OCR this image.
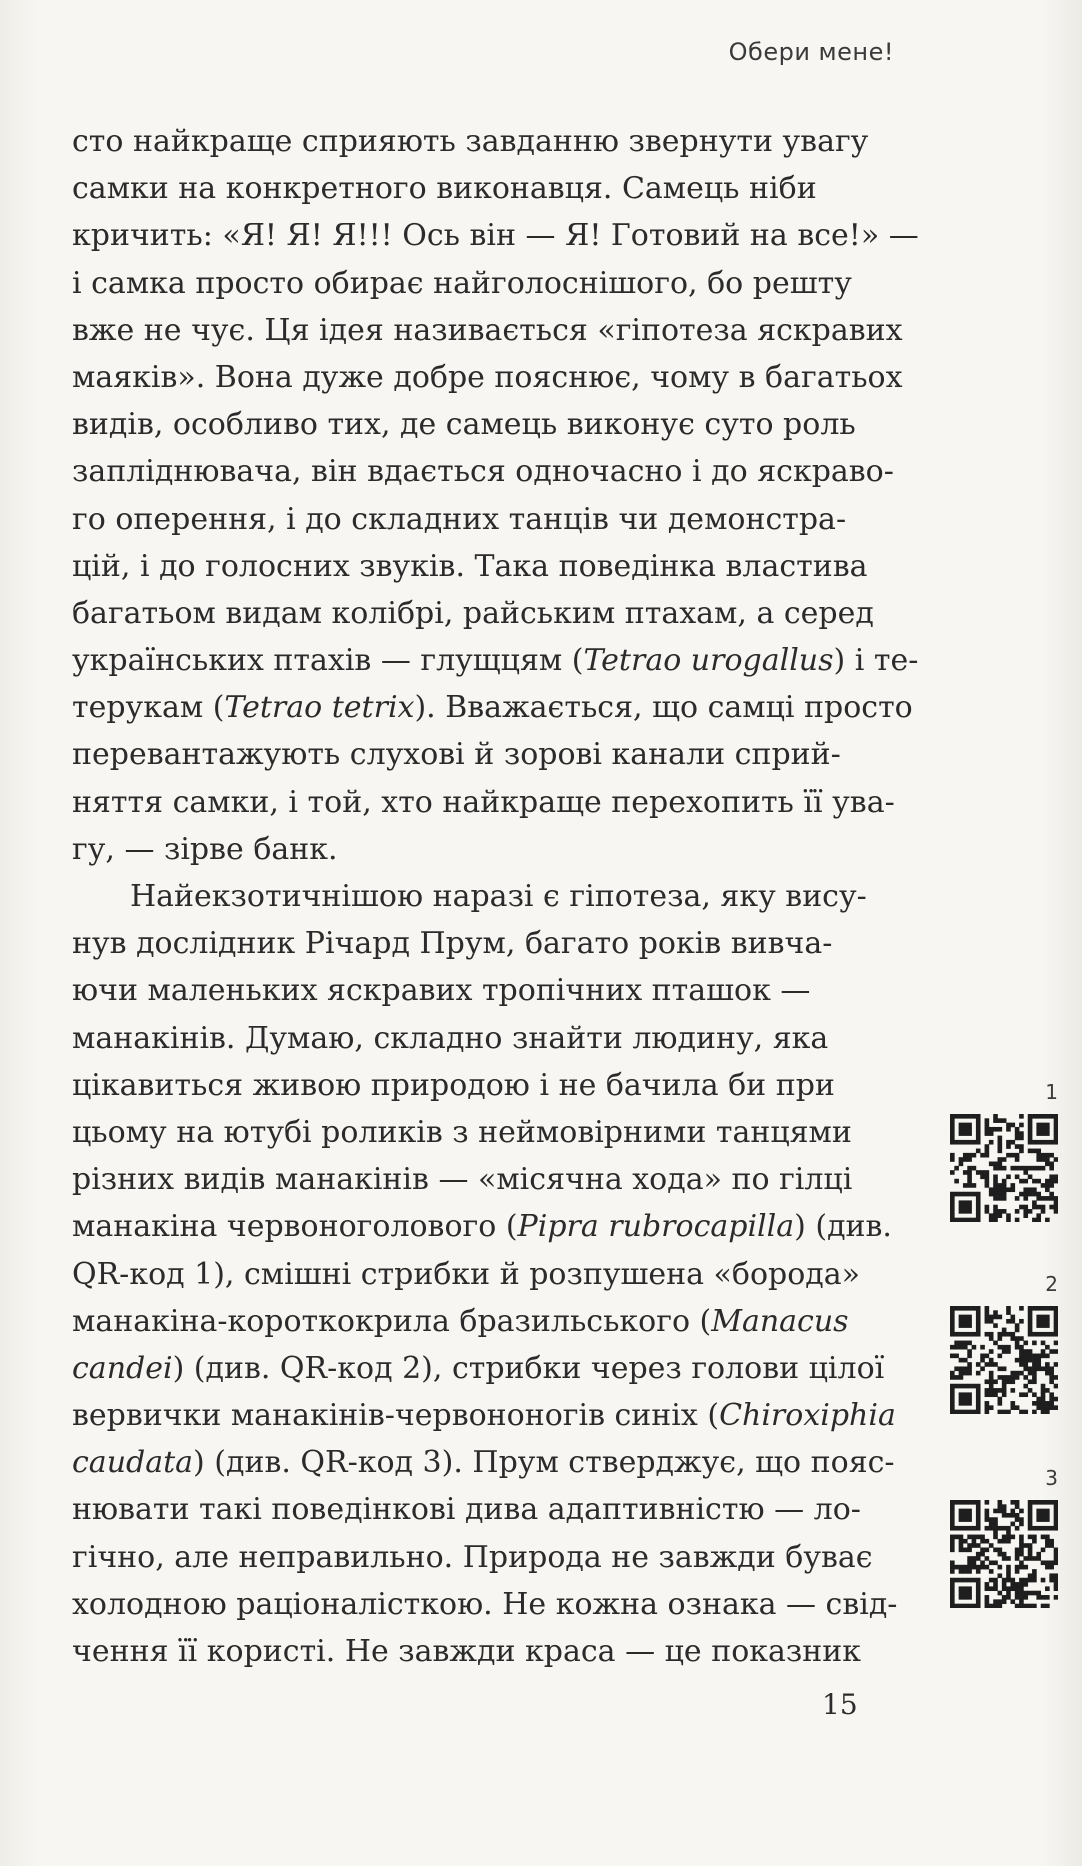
Обери мене!
сто найкраще сприяють завданню звернути увагу
самки на конкретного виконавця. Самець ніби
кричить: «Я! Я! Я!!! Ось він — Я! Готовий на все!» —
і самка просто обирає найголоснішого, бо решту
вже не чує. Ця ідея називається «гіпотеза яскравих
маяків». Вона дуже добре пояснює, чому в багатьох
видів, особливо тих, де самець виконує суто роль
запліднювача, він вдається одночасно і до яскраво-
го оперення, і до складних танців чи демонстра-
цій, і до голосних звуків. Така поведінка властива
багатьом видам колібрі, райським птахам, а серед
українських птахів — глущцям (Tetrao urogallus) і те-
терукам (Tetrao tetrix). Вважається, що самці просто
перевантажують слухові й зорові канали сприй-
няття самки, і той, хто найкраще перехопить її ува-
гу, — зірве банк.
Найекзотичнішою наразі є гіпотеза, яку вису-
нув дослідник Річард Прум, багато років вивча-
ючи маленьких яскравих тропічних пташок —
манакінів. Думаю, складно знайти людину, яка
цікавиться живою природою і не бачила би при
цьому на ютубі роликів з неймовірними танцями
різних видів манакінів — «місячна хода» по гілці
манакіна червоноголового (Pipra rubrocapilla) (див.
QR-код 1), смішні стрибки й розпушена «борода»
манакіна-короткокрила бразильського (Manacus
candei) (див. QR-код 2), стрибки через голови цілої
вервички манакінів-червононогів синіх (Chiroxiphia
caudata) (див. QR-код 3). Прум стверджує, що пояс-
нювати такі поведінкові дива адаптивністю — ло-
гічно, але неправильно. Природа не завжди буває
холодною раціоналісткою. Не кожна ознака — свід-
чення її користі. Не завжди краса — це показник
1
2
3
15
